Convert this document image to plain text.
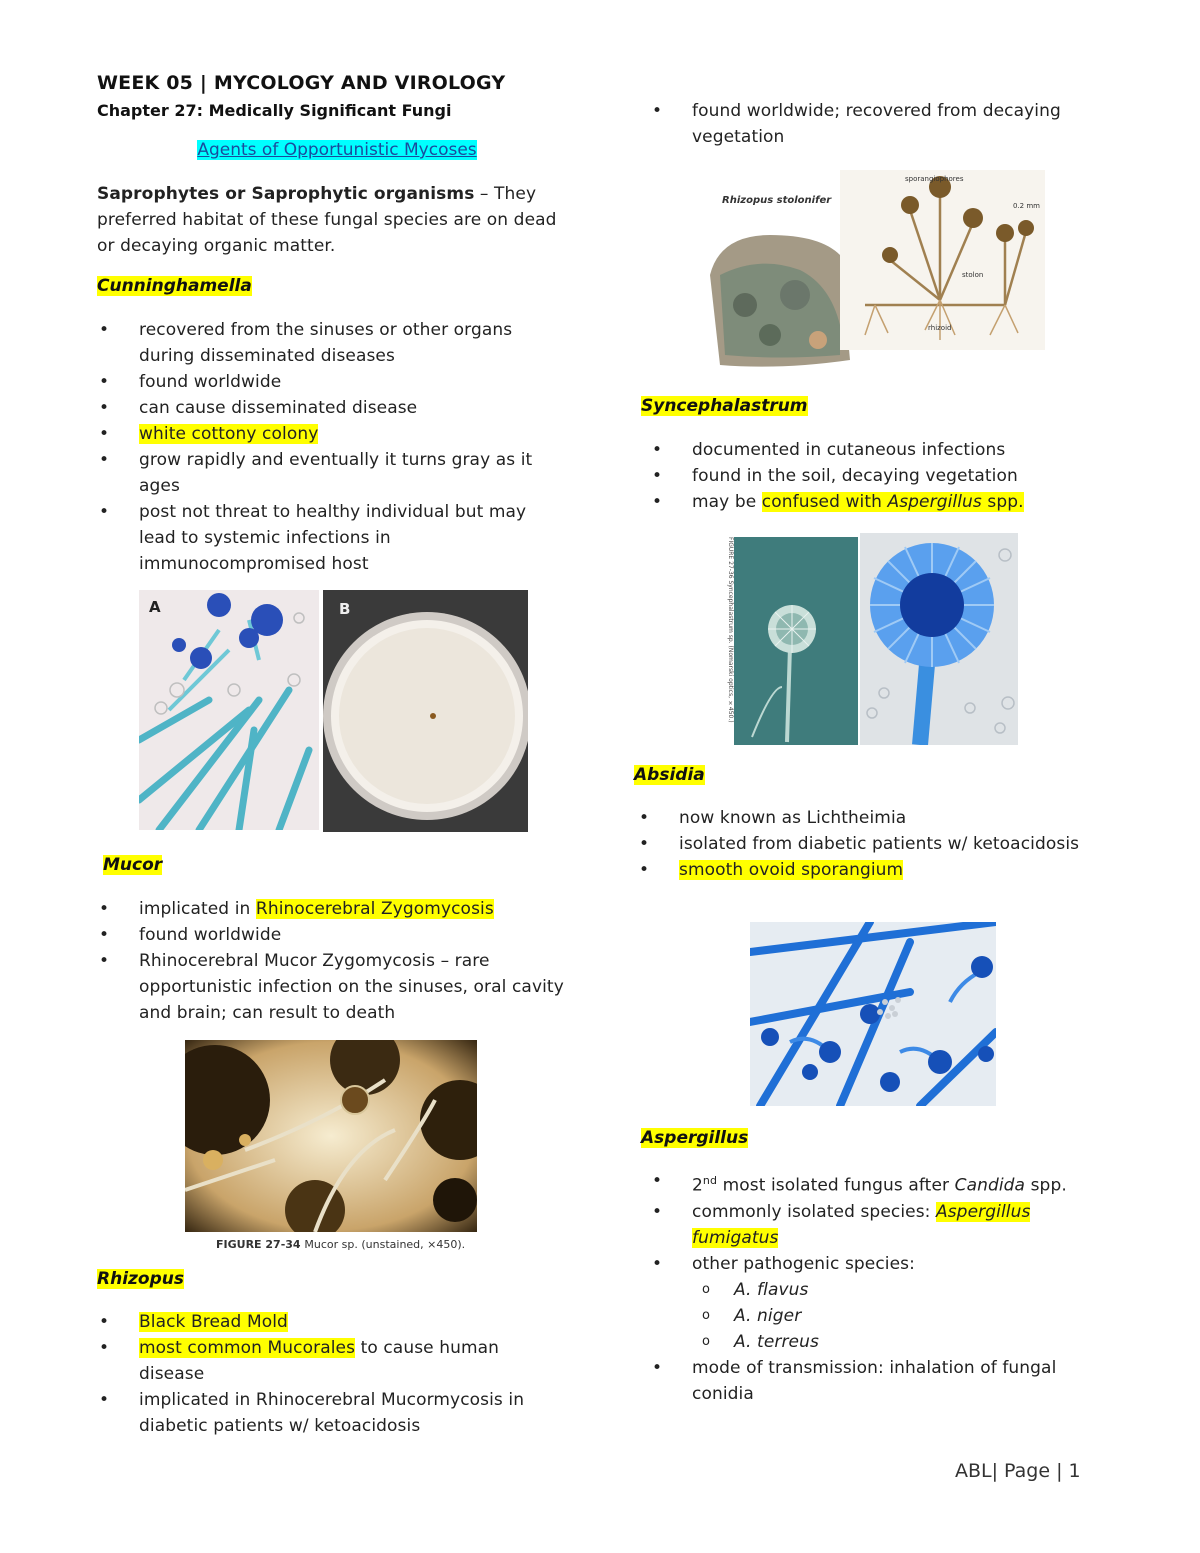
WEEK 05 | MYCOLOGY AND VIROLOGY
Chapter 27: Medically Significant Fungi
Agents of Opportunistic Mycoses
Saprophytes or Saprophytic organisms – They preferred habitat of these fungal species are on dead or decaying organic matter.
Cunninghamella
• recovered from the sinuses or other organs during disseminated diseases
• found worldwide
• can cause disseminated disease
• white cottony colony
• grow rapidly and eventually it turns gray as it ages
• post not threat to healthy individual but may lead to systemic infections in immunocompromised host
A	B
Mucor
• implicated in Rhinocerebral Zygomycosis
• found worldwide
• Rhinocerebral Mucor Zygomycosis – rare opportunistic infection on the sinuses, oral cavity and brain; can result to death
FIGURE 27-34 Mucor sp. (unstained, ×450).
Rhizopus
• Black Bread Mold
• most common Mucorales to cause human disease
• implicated in Rhinocerebral Mucormycosis in diabetic patients w/ ketoacidosis
• found worldwide; recovered from decaying vegetation
Rhizopus stolonifer
sporangiophores
0.2 mm
stolon
rhizoid
Syncephalastrum
• documented in cutaneous infections
• found in the soil, decaying vegetation
• may be confused with Aspergillus spp.
FIGURE 27-36 Syncephalastrum sp. (Nomarski optics, ×450.)
Absidia
• now known as Lichtheimia
• isolated from diabetic patients w/ ketoacidosis
• smooth ovoid sporangium
Aspergillus
• 2nd most isolated fungus after Candida spp.
• commonly isolated species: Aspergillus fumigatus
• other pathogenic species:
o A. flavus
o A. niger
o A. terreus
• mode of transmission: inhalation of fungal conidia
ABL| Page | 1
